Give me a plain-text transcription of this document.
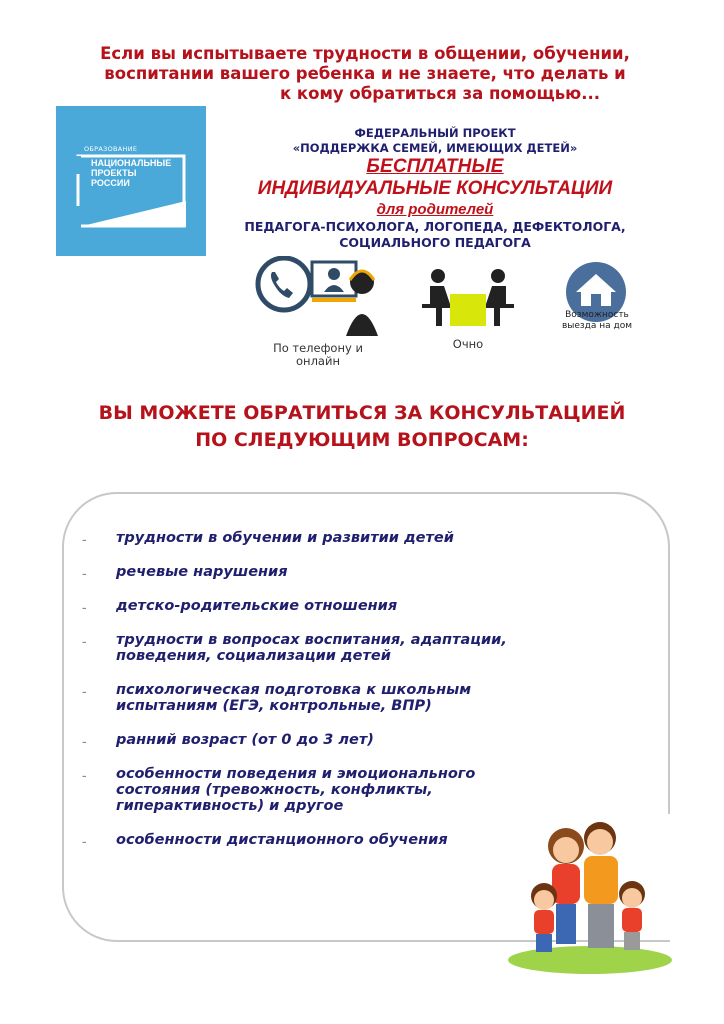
Если вы испытываете трудности в общении, обучении,
воспитании вашего ребенка и не знаете, что делать и
к кому обратиться за помощью...
ОБРАЗОВАНИЕ
НАЦИОНАЛЬНЫЕ
ПРОЕКТЫ
РОССИИ
ФЕДЕРАЛЬНЫЙ ПРОЕКТ
«ПОДДЕРЖКА СЕМЕЙ, ИМЕЮЩИХ ДЕТЕЙ»
БЕСПЛАТНЫЕ
ИНДИВИДУАЛЬНЫЕ КОНСУЛЬТАЦИИ
для родителей
ПЕДАГОГА-ПСИХОЛОГА, ЛОГОПЕДА, ДЕФЕКТОЛОГА,
СОЦИАЛЬНОГО ПЕДАГОГА
По телефону и онлайн
Очно
Возможность
выезда на дом
ВЫ МОЖЕТЕ ОБРАТИТЬСЯ ЗА КОНСУЛЬТАЦИЕЙ
ПО СЛЕДУЮЩИМ ВОПРОСАМ:
– трудности в обучении и развитии детей
– речевые нарушения
– детско-родительские отношения
– трудности в вопросах воспитания, адаптации, поведения, социализации детей
– психологическая подготовка к школьным испытаниям (ЕГЭ, контрольные, ВПР)
– ранний возраст (от 0 до 3 лет)
– особенности поведения и эмоционального состояния (тревожность, конфликты, гиперактивность) и другое
– особенности дистанционного обучения
